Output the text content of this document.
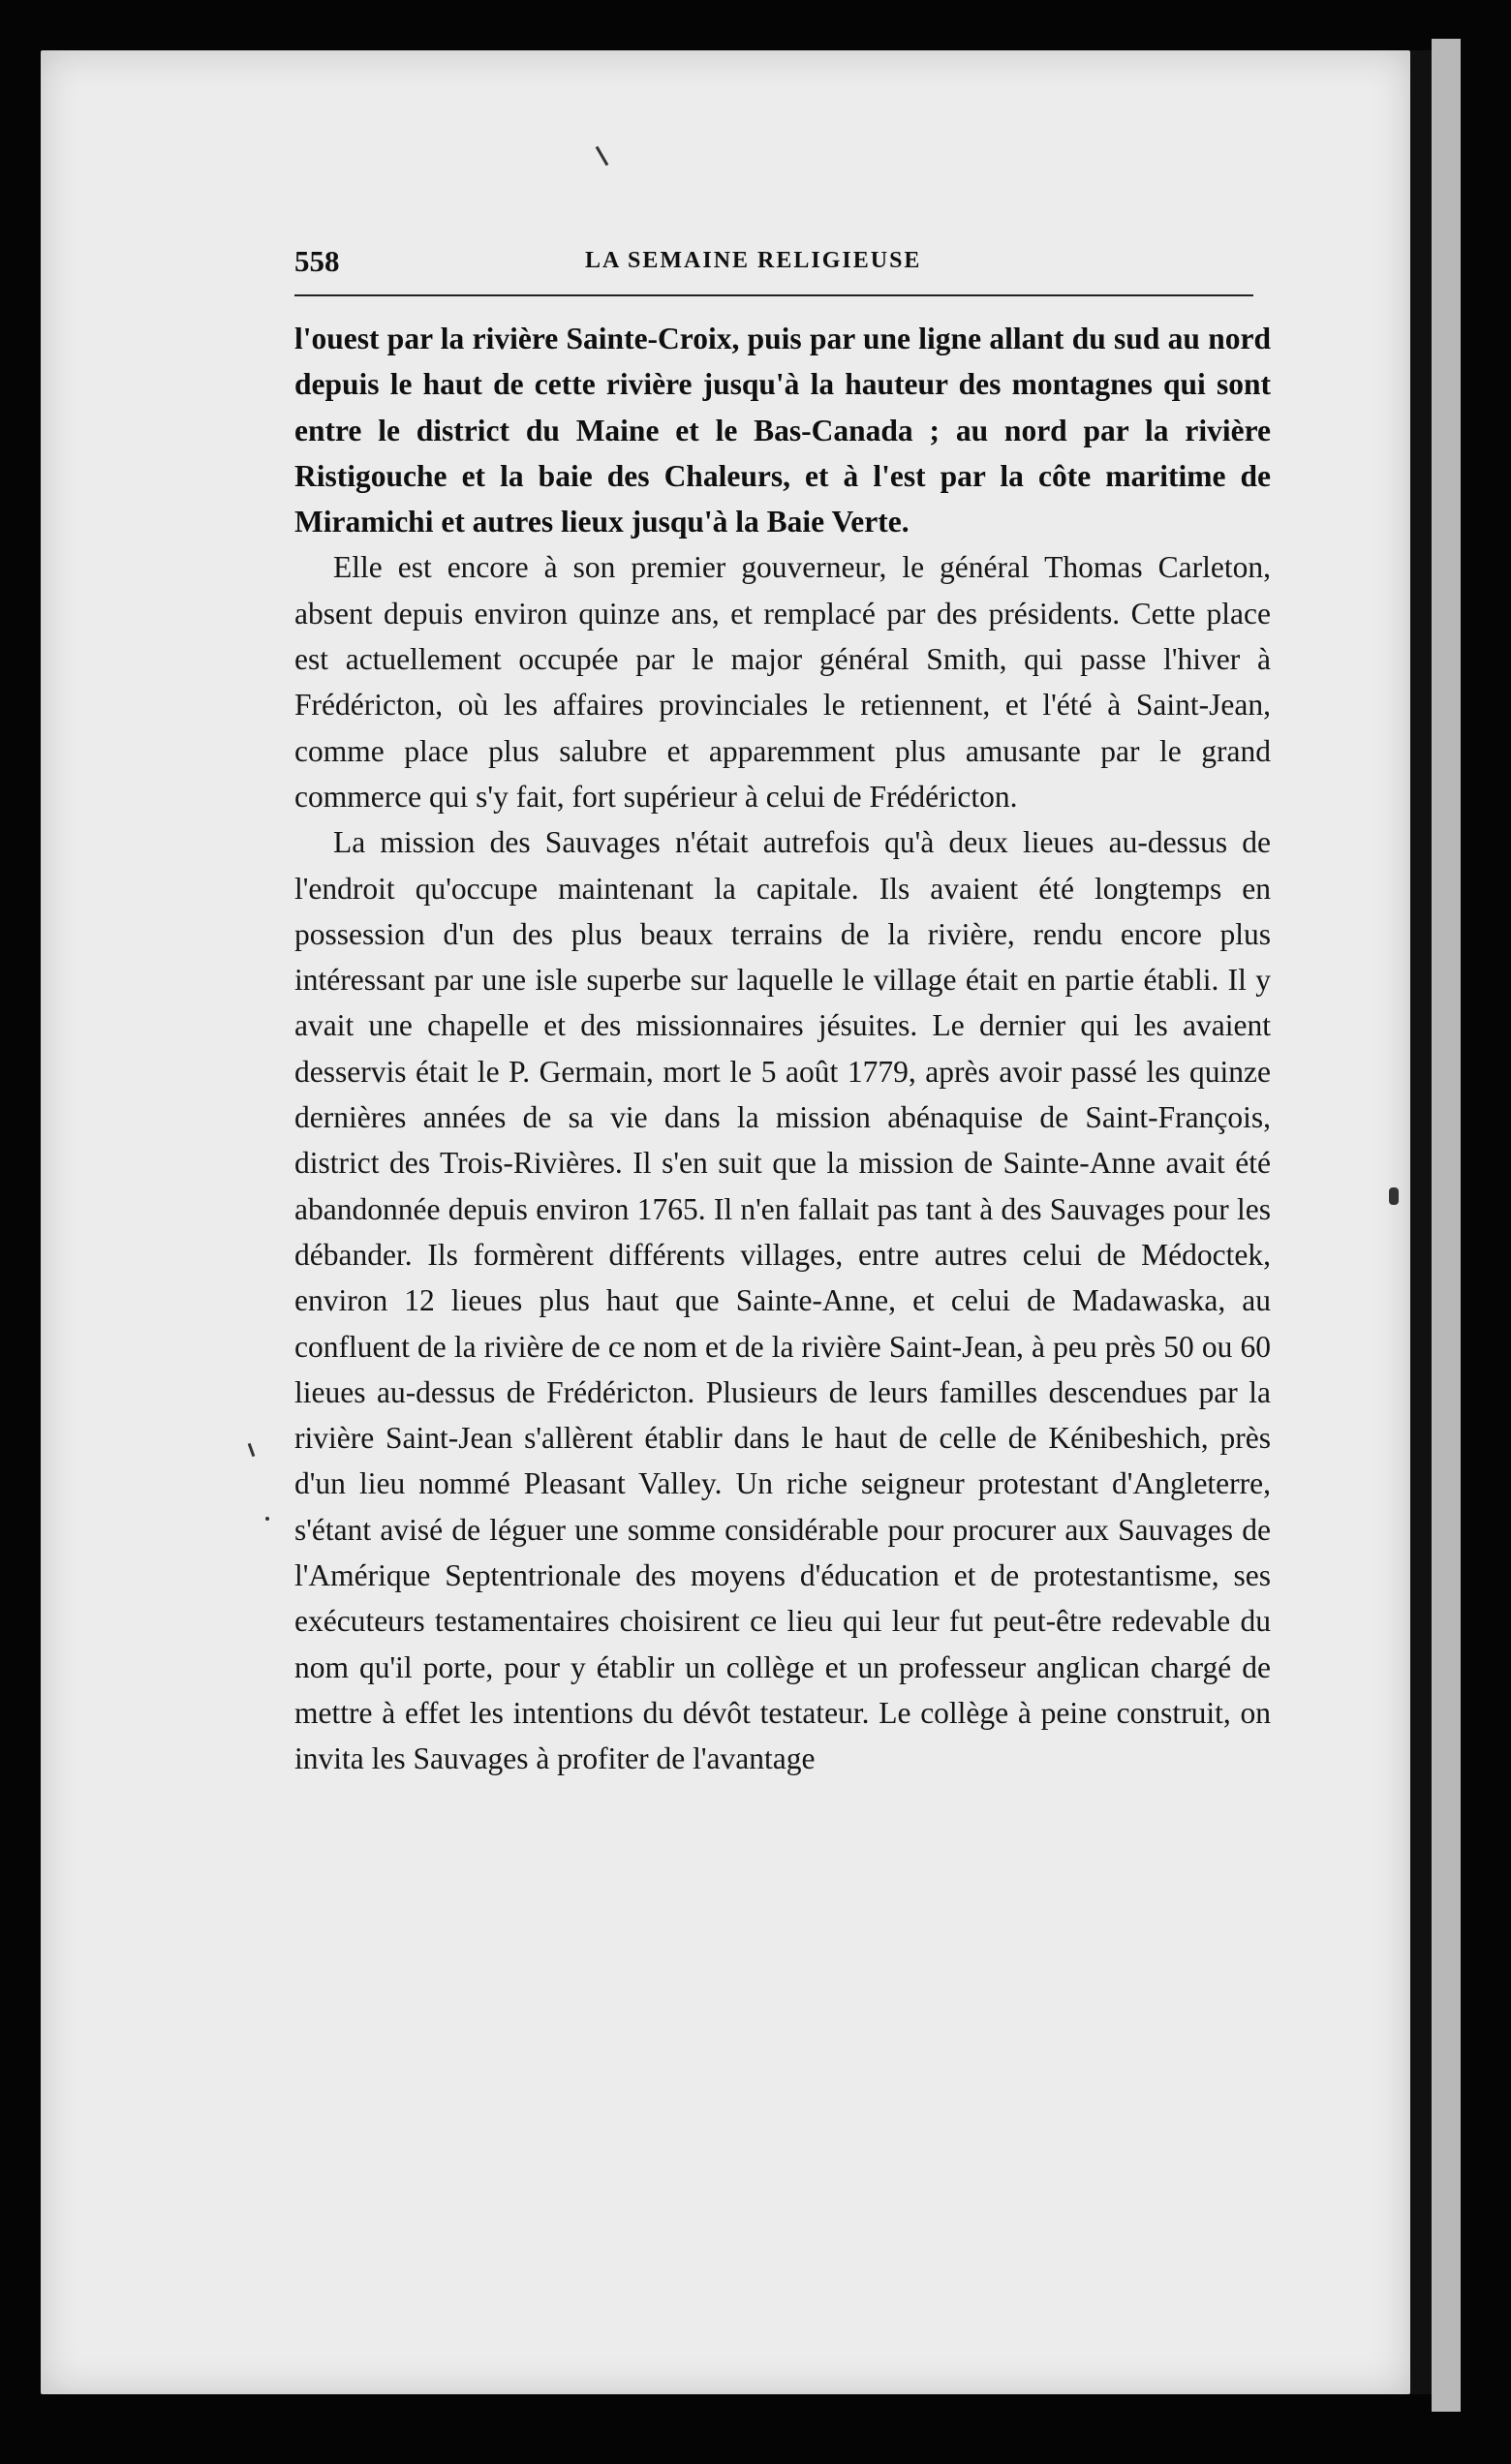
558	LA SEMAINE RELIGIEUSE

l'ouest par la rivière Sainte-Croix, puis par une ligne allant du sud au nord depuis le haut de cette rivière jusqu'à la hauteur des montagnes qui sont entre le district du Maine et le Bas-Canada ; au nord par la rivière Ristigouche et la baie des Chaleurs, et à l'est par la côte maritime de Miramichi et autres lieux jusqu'à la Baie Verte.

Elle est encore à son premier gouverneur, le général Thomas Carleton, absent depuis environ quinze ans, et remplacé par des présidents. Cette place est actuellement occupée par le major général Smith, qui passe l'hiver à Frédéricton, où les affaires provinciales le retiennent, et l'été à Saint-Jean, comme place plus salubre et apparemment plus amusante par le grand commerce qui s'y fait, fort supérieur à celui de Frédéricton.

La mission des Sauvages n'était autrefois qu'à deux lieues au-dessus de l'endroit qu'occupe maintenant la capitale. Ils avaient été longtemps en possession d'un des plus beaux terrains de la rivière, rendu encore plus intéressant par une isle superbe sur laquelle le village était en partie établi. Il y avait une chapelle et des missionnaires jésuites. Le dernier qui les avaient desservis était le P. Germain, mort le 5 août 1779, après avoir passé les quinze dernières années de sa vie dans la mission abénaquise de Saint-François, district des Trois-Rivières. Il s'en suit que la mission de Sainte-Anne avait été abandonnée depuis environ 1765. Il n'en fallait pas tant à des Sauvages pour les débander. Ils formèrent différents villages, entre autres celui de Médoctek, environ 12 lieues plus haut que Sainte-Anne, et celui de Madawaska, au confluent de la rivière de ce nom et de la rivière Saint-Jean, à peu près 50 ou 60 lieues au-dessus de Frédéricton. Plusieurs de leurs familles descendues par la rivière Saint-Jean s'allèrent établir dans le haut de celle de Kénibeshich, près d'un lieu nommé Pleasant Valley. Un riche seigneur protestant d'Angleterre, s'étant avisé de léguer une somme considérable pour procurer aux Sauvages de l'Amérique Septentrionale des moyens d'éducation et de protestantisme, ses exécuteurs testamentaires choisirent ce lieu qui leur fut peut-être redevable du nom qu'il porte, pour y établir un collège et un professeur anglican chargé de mettre à effet les intentions du dévôt testateur. Le collège à peine construit, on invita les Sauvages à profiter de l'avantage
